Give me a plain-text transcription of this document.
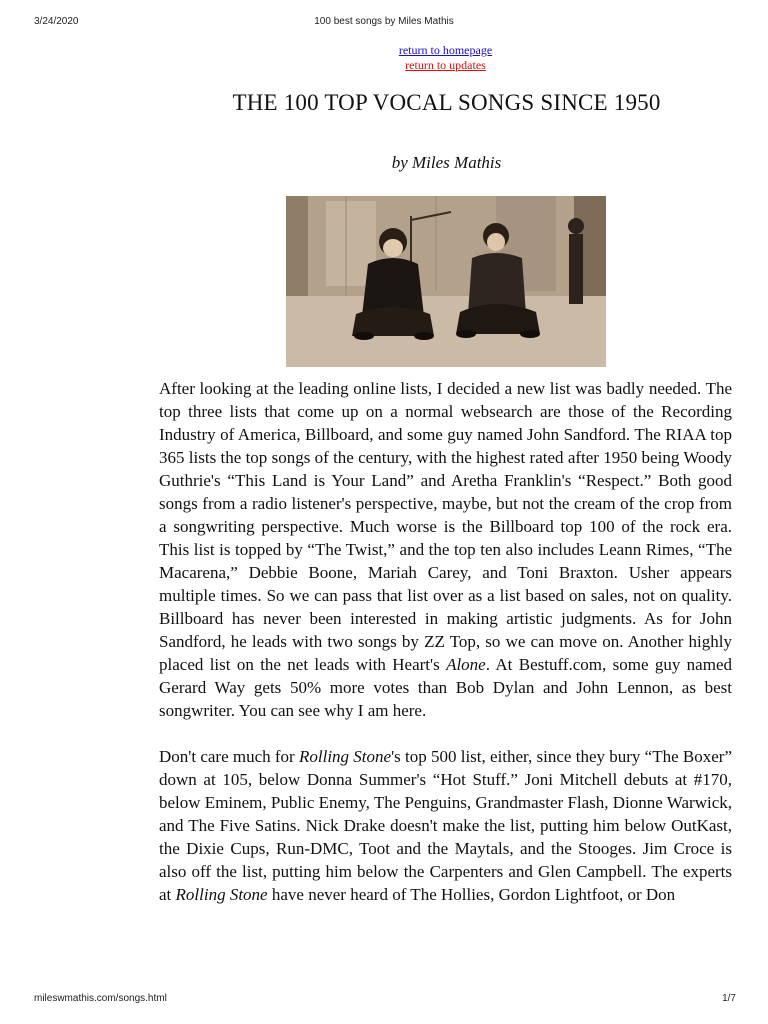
3/24/2020	100 best songs by Miles Mathis
return to homepage
return to updates
THE 100 TOP VOCAL SONGS SINCE 1950
by Miles Mathis

After looking at the leading online lists, I decided a new list was badly needed. The top three lists that come up on a normal websearch are those of the Recording Industry of America, Billboard, and some guy named John Sandford. The RIAA top 365 lists the top songs of the century, with the highest rated after 1950 being Woody Guthrie's “This Land is Your Land” and Aretha Franklin's “Respect.” Both good songs from a radio listener's perspective, maybe, but not the cream of the crop from a songwriting perspective. Much worse is the Billboard top 100 of the rock era. This list is topped by “The Twist,” and the top ten also includes Leann Rimes, “The Macarena,” Debbie Boone, Mariah Carey, and Toni Braxton. Usher appears multiple times. So we can pass that list over as a list based on sales, not on quality. Billboard has never been interested in making artistic judgments. As for John Sandford, he leads with two songs by ZZ Top, so we can move on. Another highly placed list on the net leads with Heart's Alone. At Bestuff.com, some guy named Gerard Way gets 50% more votes than Bob Dylan and John Lennon, as best songwriter. You can see why I am here.

Don't care much for Rolling Stone's top 500 list, either, since they bury “The Boxer” down at 105, below Donna Summer's “Hot Stuff.” Joni Mitchell debuts at #170, below Eminem, Public Enemy, The Penguins, Grandmaster Flash, Dionne Warwick, and The Five Satins. Nick Drake doesn't make the list, putting him below OutKast, the Dixie Cups, Run-DMC, Toot and the Maytals, and the Stooges. Jim Croce is also off the list, putting him below the Carpenters and Glen Campbell. The experts at Rolling Stone have never heard of The Hollies, Gordon Lightfoot, or Don

mileswmathis.com/songs.html	1/7
